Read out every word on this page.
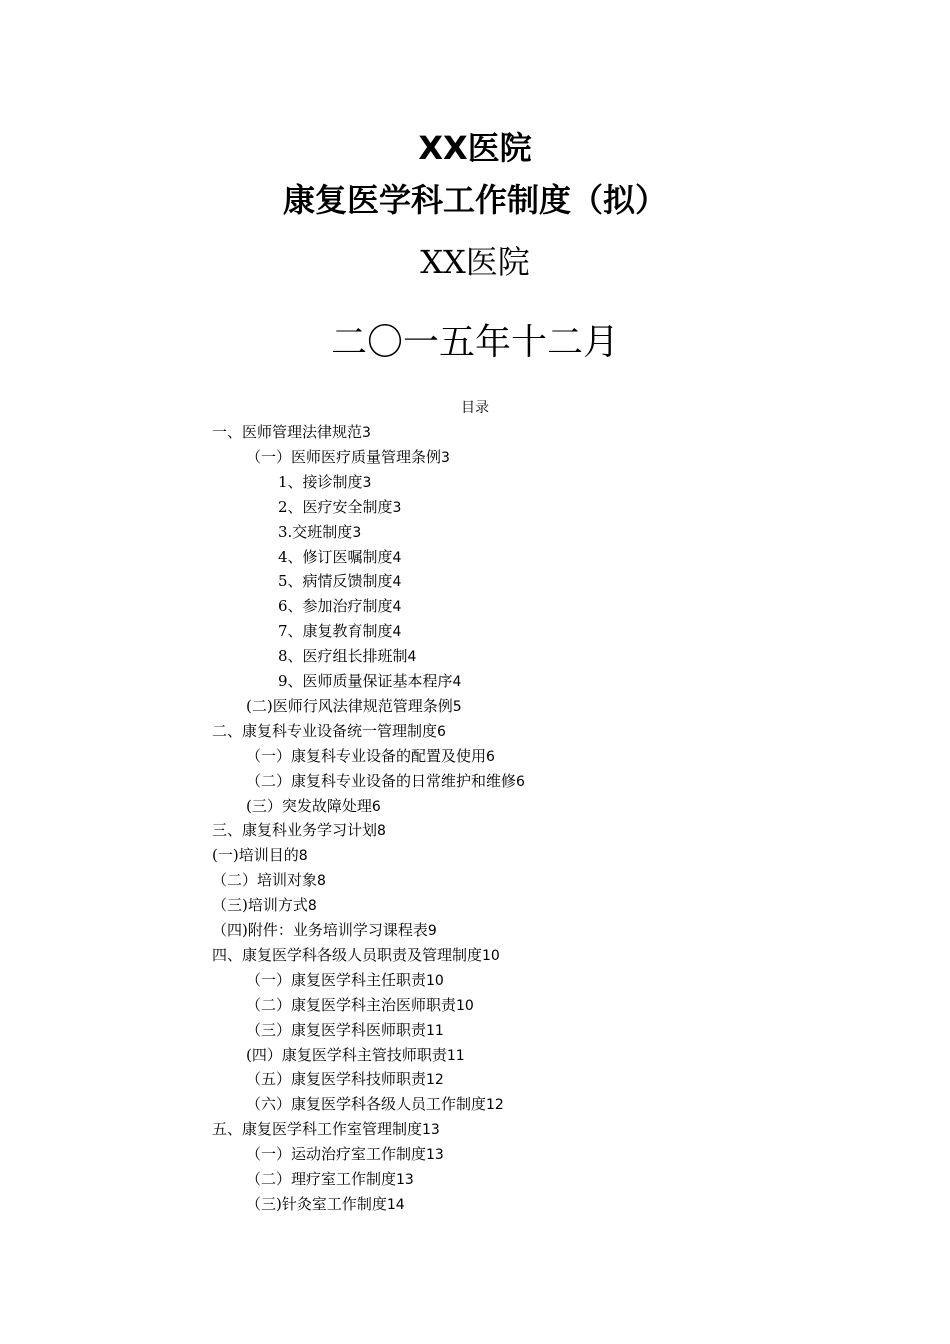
XX医院
康复医学科工作制度（拟）
XX医院
二〇一五年十二月
目录
一、医师管理法律规范3
（一）医师医疗质量管理条例3
1、接诊制度3
2、医疗安全制度3
3.交班制度3
4、修订医嘱制度4
5、病情反馈制度4
6、参加治疗制度4
7、康复教育制度4
8、医疗组长排班制4
9、医师质量保证基本程序4
(二)医师行风法律规范管理条例5
二、康复科专业设备统一管理制度6
（一）康复科专业设备的配置及使用6
（二）康复科专业设备的日常维护和维修6
(三）突发故障处理6
三、康复科业务学习计划8
(一)培训目的8
（二）培训对象8
（三)培训方式8
（四)附件：业务培训学习课程表9
四、康复医学科各级人员职责及管理制度10
（一）康复医学科主任职责10
（二）康复医学科主治医师职责10
（三）康复医学科医师职责11
(四）康复医学科主管技师职责11
（五）康复医学科技师职责12
（六）康复医学科各级人员工作制度12
五、康复医学科工作室管理制度13
（一）运动治疗室工作制度13
（二）理疗室工作制度13
（三)针灸室工作制度14
